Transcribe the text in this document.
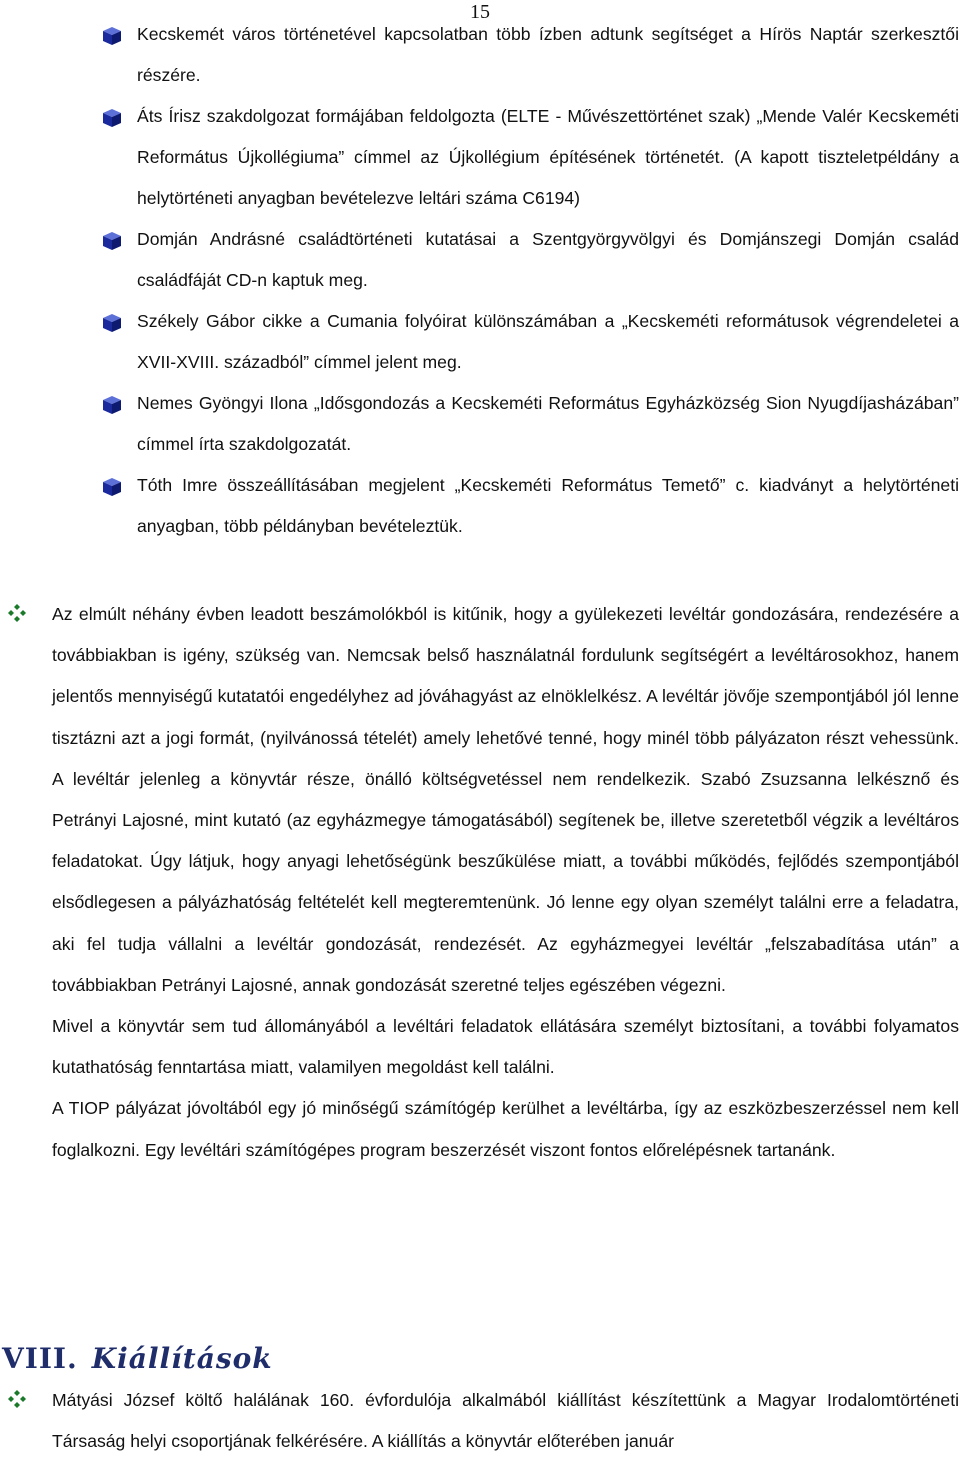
15
Kecskemét város történetével kapcsolatban több ízben adtunk segítséget a Hírös Naptár szerkesztői részére.
Áts Írisz szakdolgozat formájában feldolgozta (ELTE - Művészettörténet szak) „Mende Valér Kecskeméti Református Újkollégiuma” címmel az Újkollégium építésének történetét. (A kapott tiszteletpéldány a helytörténeti anyagban bevételezve leltári száma C6194)
Domján Andrásné családtörténeti kutatásai a Szentgyörgyvölgyi és Domjánszegi Domján család családfáját CD-n kaptuk meg.
Székely Gábor cikke a Cumania folyóirat különszámában a „Kecskeméti reformátusok végrendeletei a XVII-XVIII. századból” címmel jelent meg.
Nemes Gyöngyi Ilona „Idősgondozás a Kecskeméti Református Egyházközség Sion Nyugdíjasházában” címmel írta szakdolgozatát.
Tóth Imre összeállításában megjelent „Kecskeméti Református Temető” c. kiadványt a helytörténeti anyagban, több példányban bevételeztük.
Az elmúlt néhány évben leadott beszámolókból is kitűnik, hogy a gyülekezeti levéltár gondozására, rendezésére a továbbiakban is igény, szükség van. Nemcsak belső használatnál fordulunk segítségért a levéltárosokhoz, hanem jelentős mennyiségű kutatatói engedélyhez ad jóváhagyást az elnöklelkész. A levéltár jövője szempontjából jól lenne tisztázni azt a jogi formát, (nyilvánossá tételét) amely lehetővé tenné, hogy minél több pályázaton részt vehessünk. A levéltár jelenleg a könyvtár része, önálló költségvetéssel nem rendelkezik. Szabó Zsuzsanna lelkésznő és Petrányi Lajosné, mint kutató (az egyházmegye támogatásából) segítenek be, illetve szeretetből végzik a levéltáros feladatokat. Úgy látjuk, hogy anyagi lehetőségünk beszűkülése miatt, a további működés, fejlődés szempontjából elsődlegesen a pályázhatóság feltételét kell megteremtenünk. Jó lenne egy olyan személyt találni erre a feladatra, aki fel tudja vállalni a levéltár gondozását, rendezését. Az egyházmegyei levéltár „felszabadítása után” a továbbiakban Petrányi Lajosné, annak gondozását szeretné teljes egészében végezni.
Mivel a könyvtár sem tud állományából a levéltári feladatok ellátására személyt biztosítani, a további folyamatos kutathatóság fenntartása miatt, valamilyen megoldást kell találni.
A TIOP pályázat jóvoltából egy jó minőségű számítógép kerülhet a levéltárba, így az eszközbeszerzéssel nem kell foglalkozni. Egy levéltári számítógépes program beszerzését viszont fontos előrelépésnek tartanánk.
VIII. Kiállítások
Mátyási József költő halálának 160. évfordulója alkalmából kiállítást készítettünk a Magyar Irodalomtörténeti Társaság helyi csoportjának felkérésére. A kiállítás a könyvtár előterében január
